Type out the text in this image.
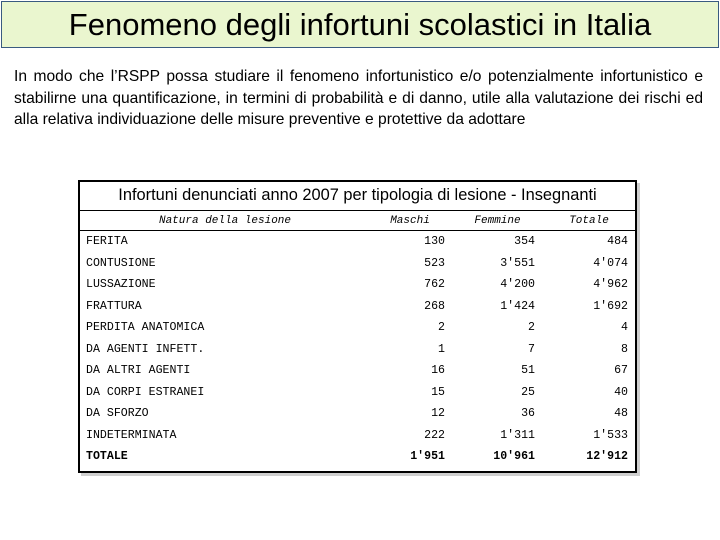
Fenomeno degli infortuni scolastici in Italia
In modo che l’RSPP possa studiare il fenomeno infortunistico e/o potenzialmente infortunistico e stabilirne una quantificazione, in termini di probabilità e di danno, utile alla valutazione dei rischi ed alla relativa individuazione delle misure preventive e protettive da adottare
Infortuni denunciati anno 2007 per tipologia di lesione - Insegnanti
Natura della lesione	Maschi	Femmine	Totale
FERITA	130	354	484
CONTUSIONE	523	3'551	4'074
LUSSAZIONE	762	4'200	4'962
FRATTURA	268	1'424	1'692
PERDITA ANATOMICA	2	2	4
DA AGENTI INFETT.	1	7	8
DA ALTRI AGENTI	16	51	67
DA CORPI ESTRANEI	15	25	40
DA SFORZO	12	36	48
INDETERMINATA	222	1'311	1'533
TOTALE	1'951	10'961	12'912
